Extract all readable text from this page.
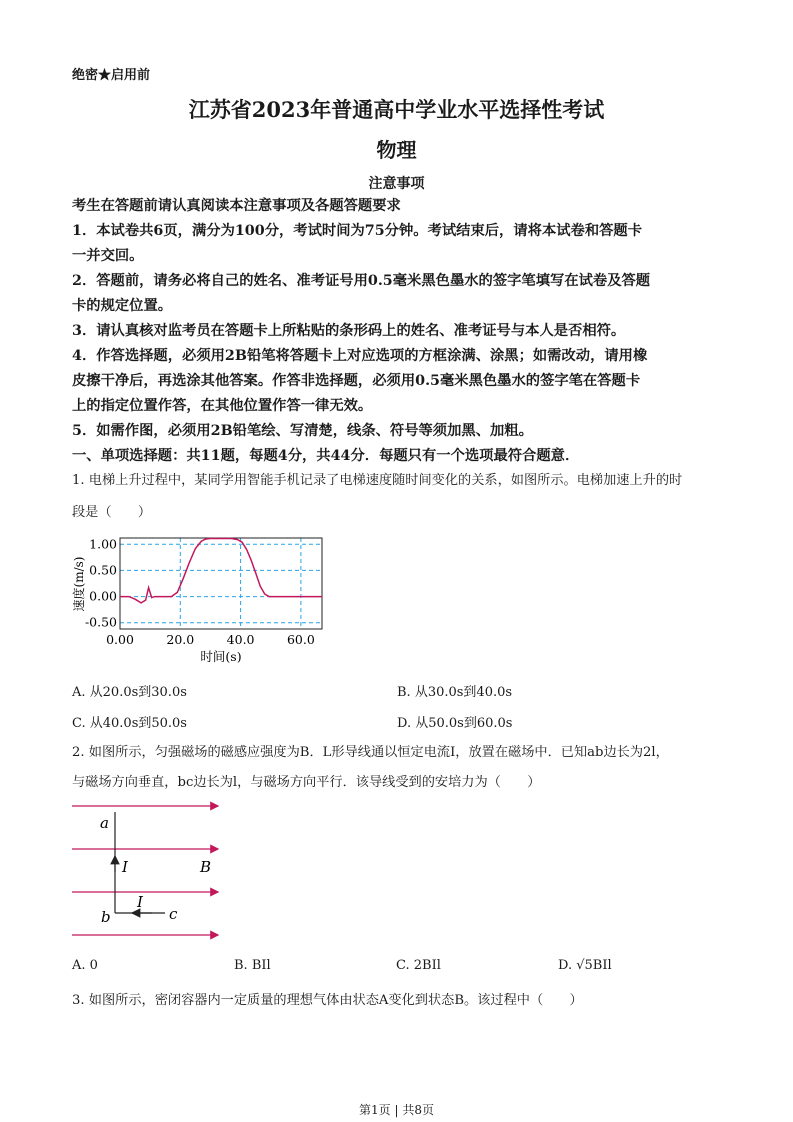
绝密★启用前
江苏省2023年普通高中学业水平选择性考试
物理
注意事项
考生在答题前请认真阅读本注意事项及各题答题要求
1．本试卷共6页，满分为100分，考试时间为75分钟。考试结束后，请将本试卷和答题卡
一并交回。
2．答题前，请务必将自己的姓名、准考证号用0.5毫米黑色墨水的签字笔填写在试卷及答题
卡的规定位置。
3．请认真核对监考员在答题卡上所粘贴的条形码上的姓名、准考证号与本人是否相符。
4．作答选择题，必须用2B铅笔将答题卡上对应选项的方框涂满、涂黑；如需改动，请用橡
皮擦干净后，再选涂其他答案。作答非选择题，必须用0.5毫米黑色墨水的签字笔在答题卡
上的指定位置作答，在其他位置作答一律无效。
5．如需作图，必须用2B铅笔绘、写清楚，线条、符号等须加黑、加粗。
一、单项选择题：共11题，每题4分，共44分．每题只有一个选项最符合题意．
1. 电梯上升过程中，某同学用智能手机记录了电梯速度随时间变化的关系，如图所示。电梯加速上升的时
段是（　　）
0.00	20.0	40.0	60.0
1.00
0.50
0.00
-0.50
时间(s)
速度(m/s)
A. 从20.0s到30.0s	B. 从30.0s到40.0s
C. 从40.0s到50.0s	D. 从50.0s到60.0s
2. 如图所示，匀强磁场的磁感应强度为B．L形导线通以恒定电流I，放置在磁场中．已知ab边长为2l，
与磁场方向垂直，bc边长为l，与磁场方向平行．该导线受到的安培力为（　　）
a
I	B
I
b	c
A. 0	B. BIl	C. 2BIl	D. √5BIl
3. 如图所示，密闭容器内一定质量的理想气体由状态A变化到状态B。该过程中（　　）
第1页 | 共8页
